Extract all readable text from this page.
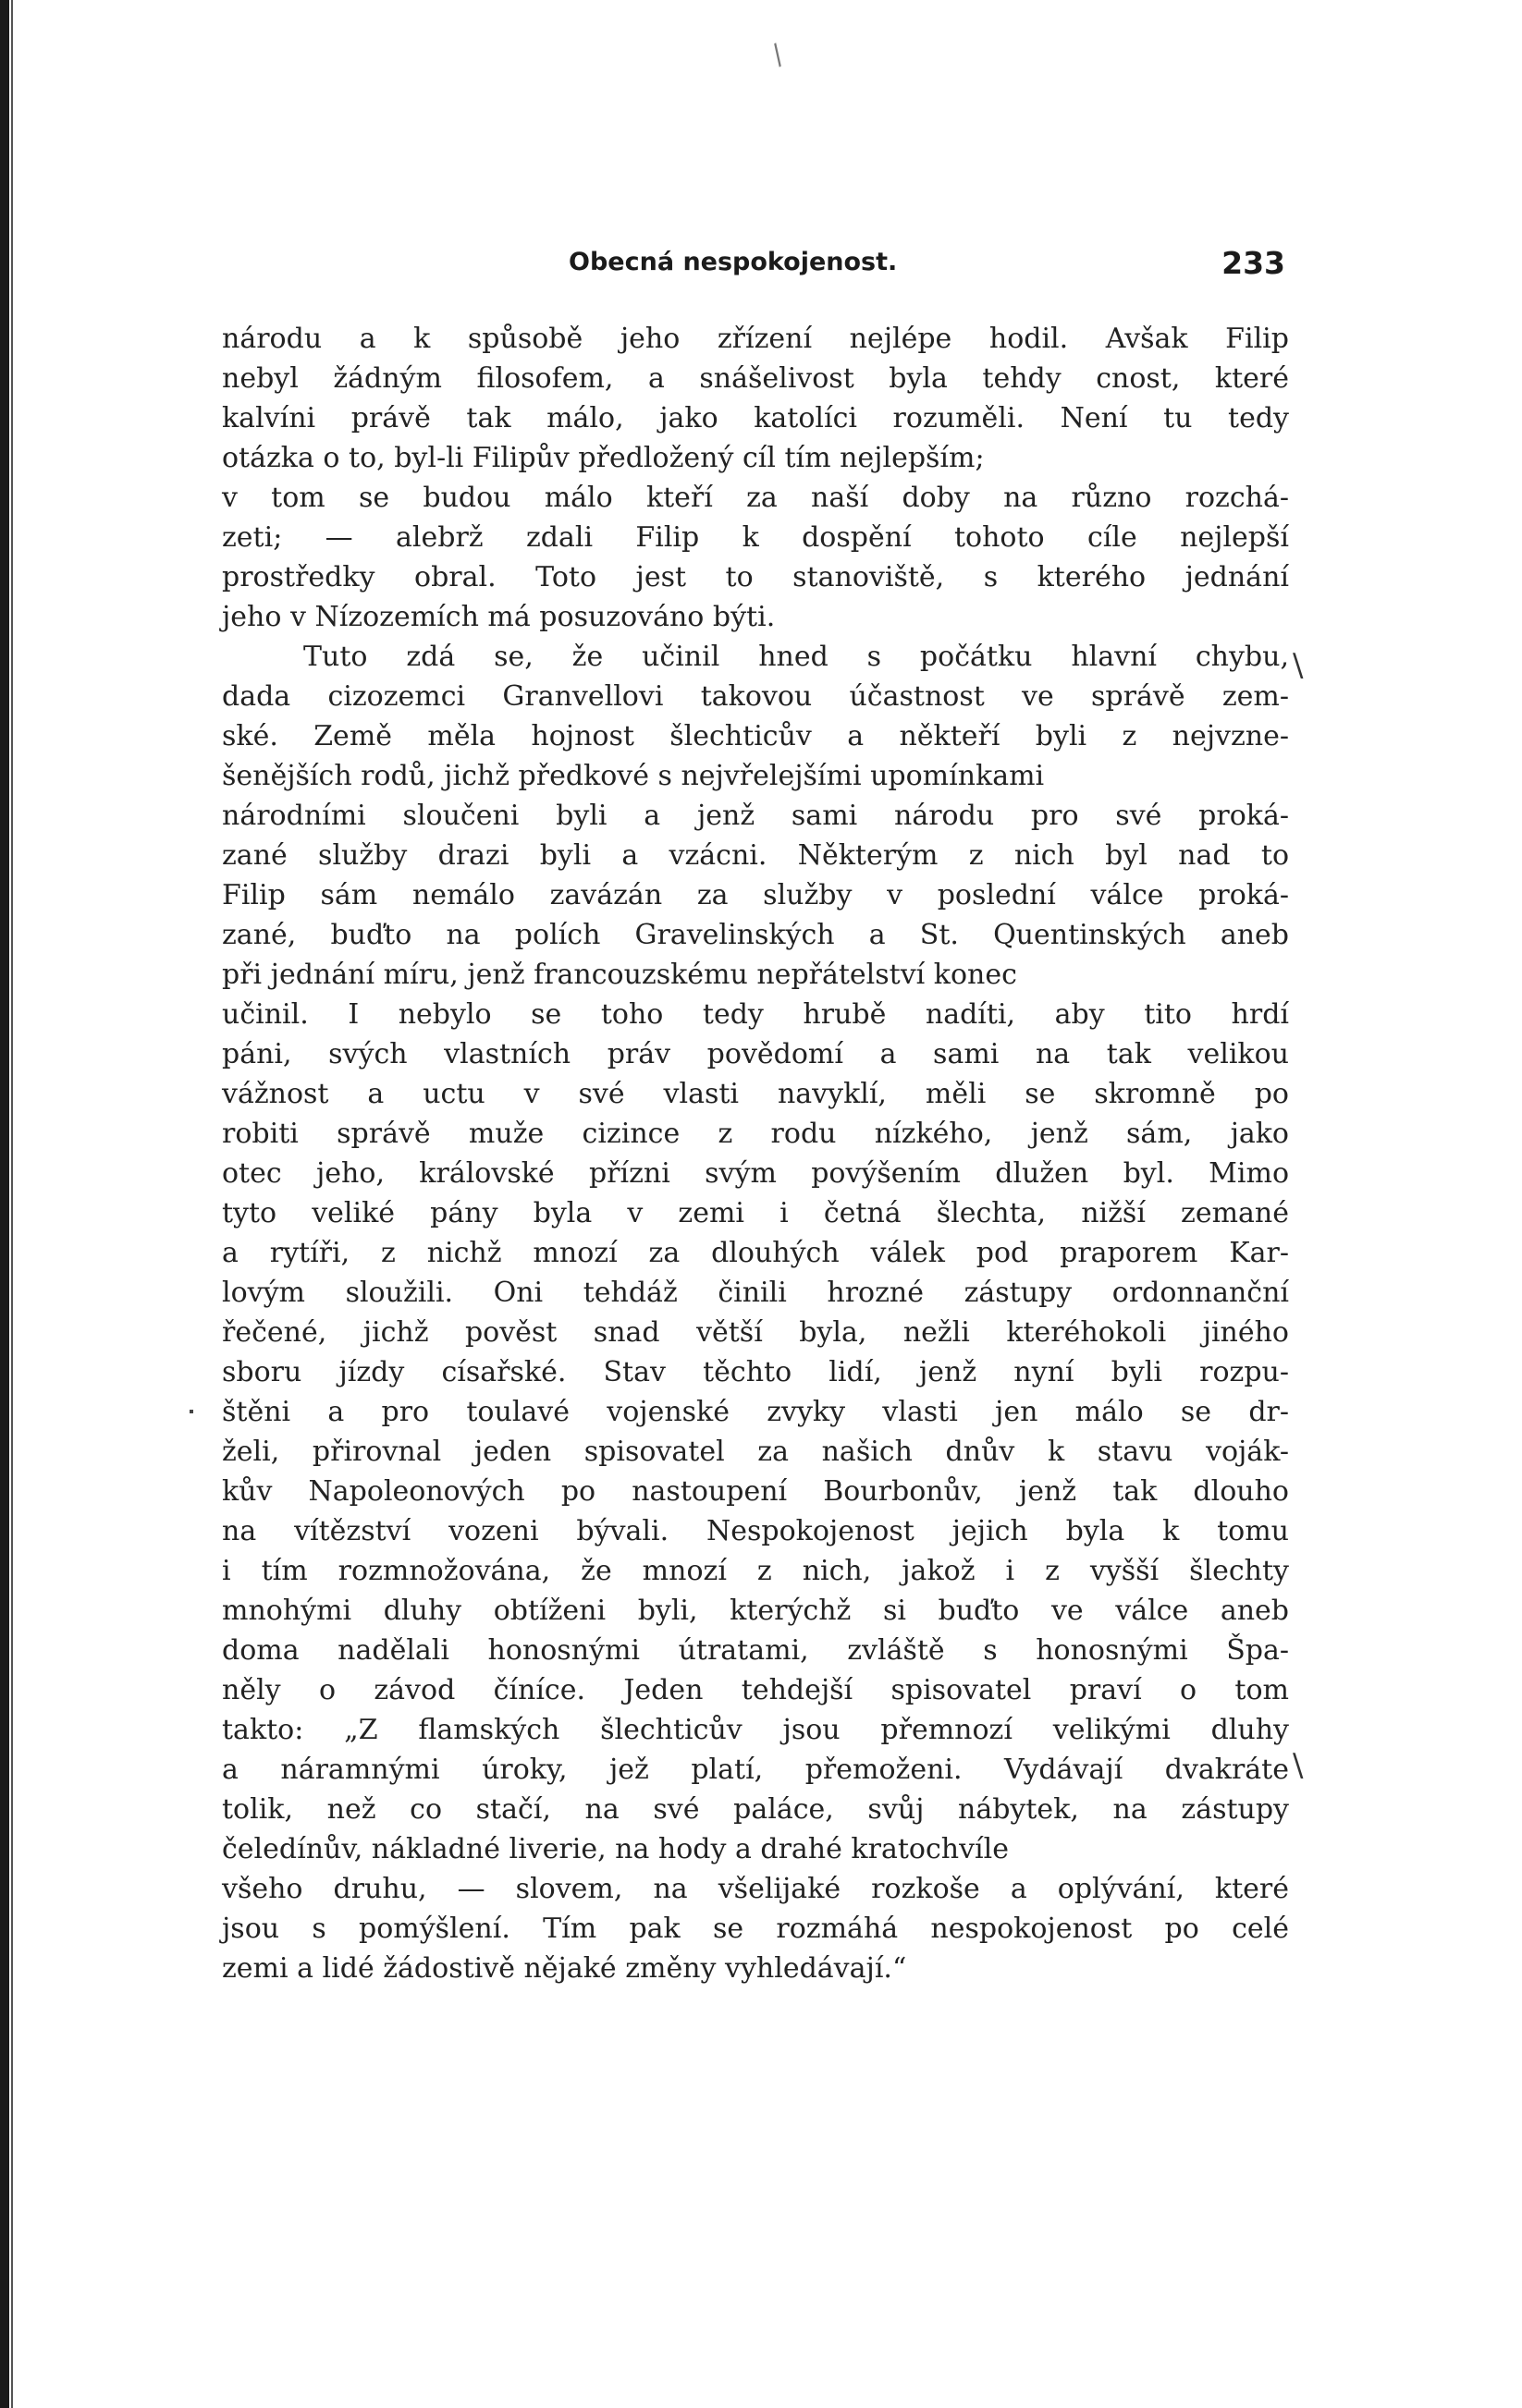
/
Obecná nespokojenost.	233
národu a k spůsobě jeho zřízení nejlépe hodil. Avšak Filip
nebyl žádným filosofem, a snášelivost byla tehdy cnost, které
kalvíni právě tak málo, jako katolíci rozuměli. Není tu tedy
otázka o to, byl-li Filipův předložený cíl tím nejlepším;
v tom se budou málo kteří za naší doby na různo rozchá-
zeti; — alebrž zdali Filip k dospění tohoto cíle nejlepší
prostředky obral. Toto jest to stanoviště, s kterého jednání
jeho v Nízozemích má posuzováno býti.
Tuto zdá se, že učinil hned s počátku hlavní chybu,
dada cizozemci Granvellovi takovou účastnost ve správě zem-
ské. Země měla hojnost šlechticův a někteří byli z nejvzne-
šenějších rodů, jichž předkové s nejvřelejšími upomínkami
národními sloučeni byli a jenž sami národu pro své proká-
zané služby drazi byli a vzácni. Některým z nich byl nad to
Filip sám nemálo zavázán za služby v poslední válce proká-
zané, buďto na polích Gravelinských a St. Quentinských aneb
při jednání míru, jenž francouzskému nepřátelství konec
učinil. I nebylo se toho tedy hrubě nadíti, aby tito hrdí
páni, svých vlastních práv povědomí a sami na tak velikou
vážnost a uctu v své vlasti navyklí, měli se skromně po
robiti správě muže cizince z rodu nízkého, jenž sám, jako
otec jeho, královské přízni svým povýšením dlužen byl. Mimo
tyto veliké pány byla v zemi i četná šlechta, nižší zemané
a rytíři, z nichž mnozí za dlouhých válek pod praporem Kar-
lovým sloužili. Oni tehdáž činili hrozné zástupy ordonnanční
řečené, jichž pověst snad větší byla, nežli kteréhokoli jiného
sboru jízdy císařské. Stav těchto lidí, jenž nyní byli rozpu-
štěni a pro toulavé vojenské zvyky vlasti jen málo se dr-
želi, přirovnal jeden spisovatel za našich dnův k stavu voják-
kův Napoleonových po nastoupení Bourbonův, jenž tak dlouho
na vítězství vozeni bývali. Nespokojenost jejich byla k tomu
i tím rozmnožována, že mnozí z nich, jakož i z vyšší šlechty
mnohými dluhy obtíženi byli, kterýchž si buďto ve válce aneb
doma nadělali honosnými útratami, zvláště s honosnými Špa-
něly o závod číníce. Jeden tehdejší spisovatel praví o tom
takto: „Z flamských šlechticův jsou přemnozí velikými dluhy
a náramnými úroky, jež platí, přemoženi. Vydávají dvakráte
tolik, než co stačí, na své paláce, svůj nábytek, na zástupy
čeledínův, nákladné liverie, na hody a drahé kratochvíle
všeho druhu, — slovem, na všelijaké rozkoše a oplývání, které
jsou s pomýšlení. Tím pak se rozmáhá nespokojenost po celé
zemi a lidé žádostivě nějaké změny vyhledávají.“
\
\
